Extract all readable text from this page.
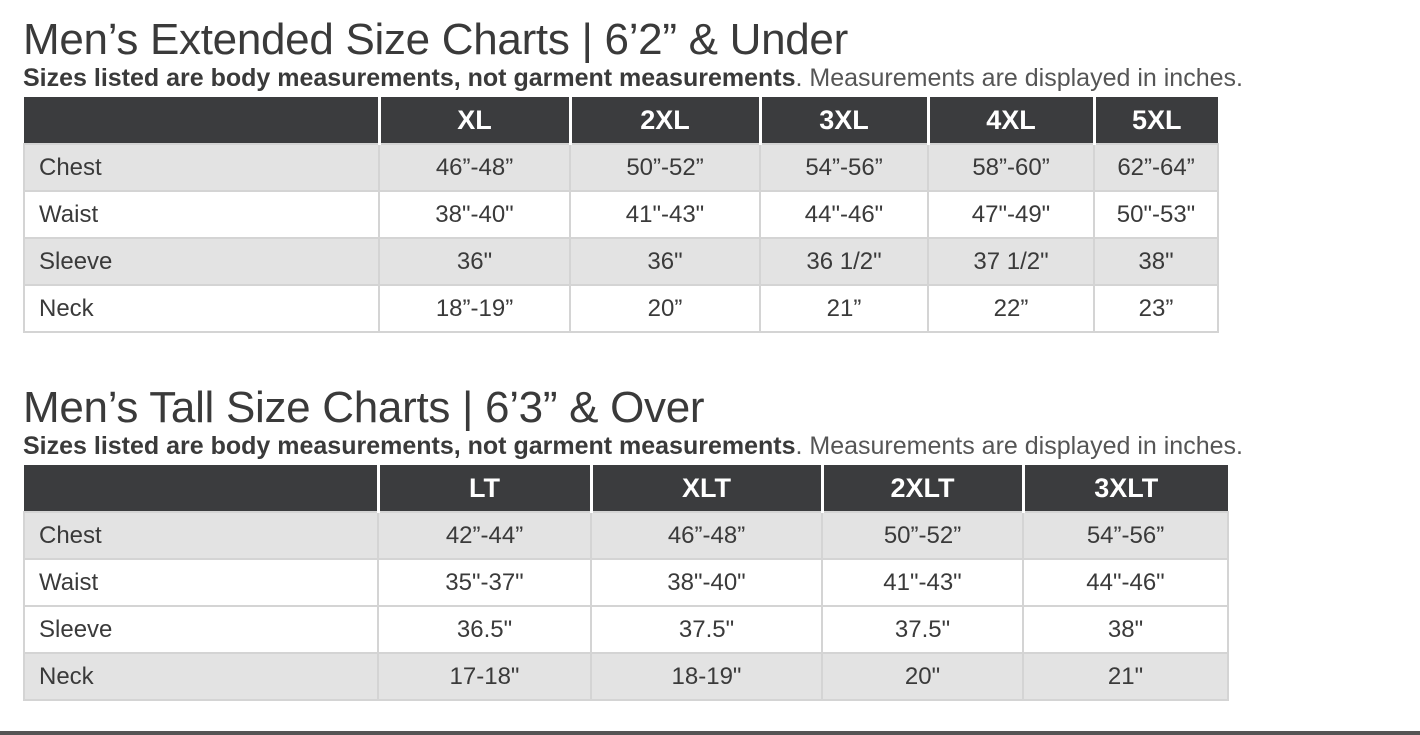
Men’s Extended Size Charts | 6’2” & Under
Sizes listed are body measurements, not garment measurements. Measurements are displayed in inches.
	XL	2XL	3XL	4XL	5XL
Chest	46”-48”	50”-52”	54”-56”	58”-60”	62”-64”
Waist	38"-40"	41"-43"	44"-46"	47"-49"	50"-53"
Sleeve	36"	36"	36 1/2"	37 1/2"	38"
Neck	18”-19”	20”	21”	22”	23”
Men’s Tall Size Charts | 6’3” & Over
Sizes listed are body measurements, not garment measurements. Measurements are displayed in inches.
	LT	XLT	2XLT	3XLT
Chest	42”-44”	46”-48”	50”-52”	54”-56”
Waist	35"-37"	38"-40"	41"-43"	44"-46"
Sleeve	36.5"	37.5"	37.5"	38"
Neck	17-18"	18-19"	20"	21"
